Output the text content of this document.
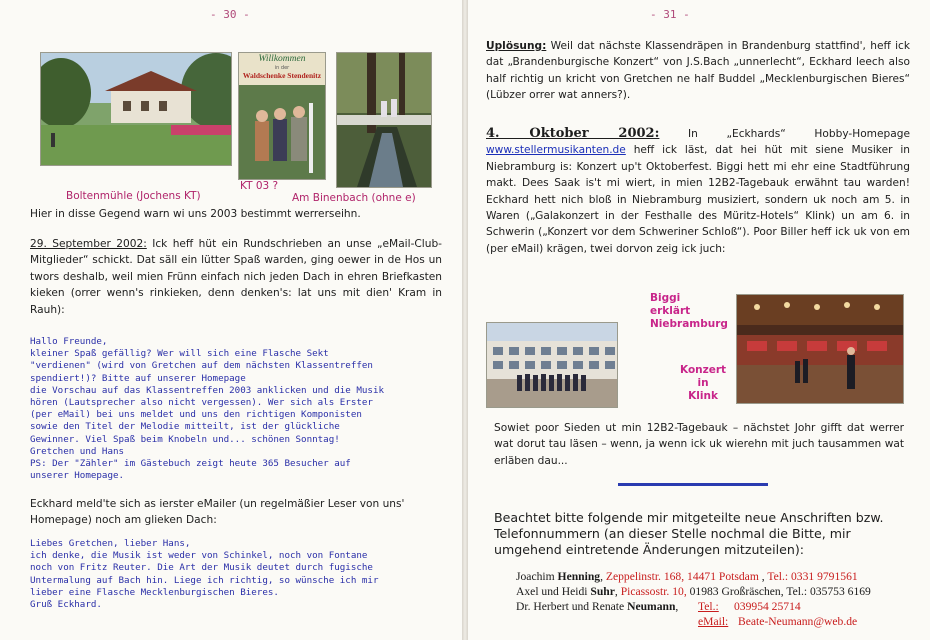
- 30 -
Boltenmühle (Jochens KT)
Willkommen
in der
Waldschenke Stendenitz
KT 03 ?
Am Binenbach (ohne e)
Hier in disse Gegend warn wi uns 2003 bestimmt werrerseihn.
29. September 2002: Ick heff hüt ein Rundschrieben an unse „eMail-Club-Mitglieder“ schickt. Dat säll ein lütter Spaß warden, ging oewer in de Hos un twors deshalb, weil mien Frünn einfach nich jeden Dach in ehren Briefkasten kieken (orrer wenn's rinkieken, denn denken's: lat uns mit dien' Kram in Rauh):
Hallo Freunde,
kleiner Spaß gefällig? Wer will sich eine Flasche Sekt
"verdienen" (wird von Gretchen auf dem nächsten Klassentreffen
spendiert!)? Bitte auf unserer Homepage
die Vorschau auf das Klassentreffen 2003 anklicken und die Musik
hören (Lautsprecher also nicht vergessen). Wer sich als Erster
(per eMail) bei uns meldet und uns den richtigen Komponisten
sowie den Titel der Melodie mitteilt, ist der glückliche
Gewinner. Viel Spaß beim Knobeln und... schönen Sonntag!
Gretchen und Hans
PS: Der "Zähler" im Gästebuch zeigt heute 365 Besucher auf
unserer Homepage.
Eckhard meld'te sich as ierster eMailer (un regelmäßier Leser von uns' Homepage) noch am glieken Dach:
Liebes Gretchen, lieber Hans,
ich denke, die Musik ist weder von Schinkel, noch von Fontane
noch von Fritz Reuter. Die Art der Musik deutet durch fugische
Untermalung auf Bach hin. Liege ich richtig, so wünsche ich mir
lieber eine Flasche Mecklenburgischen Bieres.
Gruß Eckhard.
- 31 -
Uplösung: Weil dat nächste Klassendräpen in Brandenburg stattfind', heff ick dat „Brandenburgische Konzert“ von J.S.Bach „unnerlecht“, Eckhard leech also half richtig un kricht von Gretchen ne half Buddel „Mecklenburgischen Bieres“ (Lübzer orrer wat anners?).
4. Oktober 2002: In „Eckhards“ Hobby-Homepage www.stellermusikanten.de heff ick läst, dat hei hüt mit siene Musiker in Niebramburg is: Konzert up't Oktoberfest. Biggi hett mi ehr eine Stadtführung makt. Dees Saak is't mi wiert, in mien 12B2-Tagebauk erwähnt tau warden! Eckhard hett nich bloß in Niebramburg musiziert, sondern uk noch am 5. in Waren („Galakonzert in der Festhalle des Müritz-Hotels“ Klink) un am 6. in Schwerin („Konzert vor dem Schweriner Schloß“). Poor Biller heff ick uk von em (per eMail) krägen, twei dorvon zeig ick juch:
Biggi
erklärt
Niebramburg
Konzert
in
Klink
Sowiet poor Sieden ut min 12B2-Tagebauk – nächstet Johr gifft dat werrer wat dorut tau läsen – wenn, ja wenn ick uk wierehn mit juch tausammen wat erläben dau...
Beachtet bitte folgende mir mitgeteilte neue Anschriften bzw. Telefonnummern (an dieser Stelle nochmal die Bitte, mir umgehend eintretende Änderungen mitzuteilen):
Joachim Henning, Zeppelinstr. 168, 14471 Potsdam , Tel.: 0331 9791561
Axel und Heidi Suhr, Picassostr. 10, 01983 Großräschen, Tel.: 035753 6169
Dr. Herbert und Renate Neumann, Tel.: 039954 25714
eMail: Beate-Neumann@web.de
